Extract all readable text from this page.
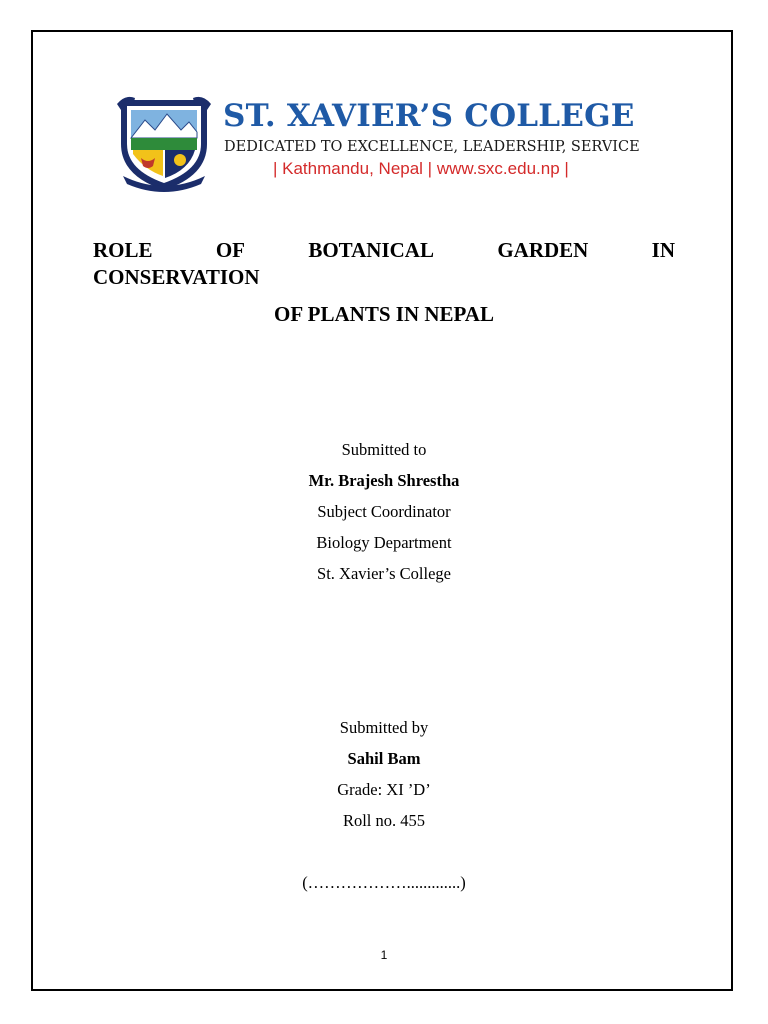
ST. XAVIER’S COLLEGE
DEDICATED TO EXCELLENCE, LEADERSHIP, SERVICE
| Kathmandu, Nepal | www.sxc.edu.np |
ROLE	OF	BOTANICAL	GARDEN	IN
CONSERVATION
OF PLANTS IN NEPAL
Submitted to
Mr. Brajesh Shrestha
Subject Coordinator
Biology Department
St. Xavier’s College
Submitted by
Sahil Bam
Grade: XI ’D’
Roll no. 455
(……………….............)
1
